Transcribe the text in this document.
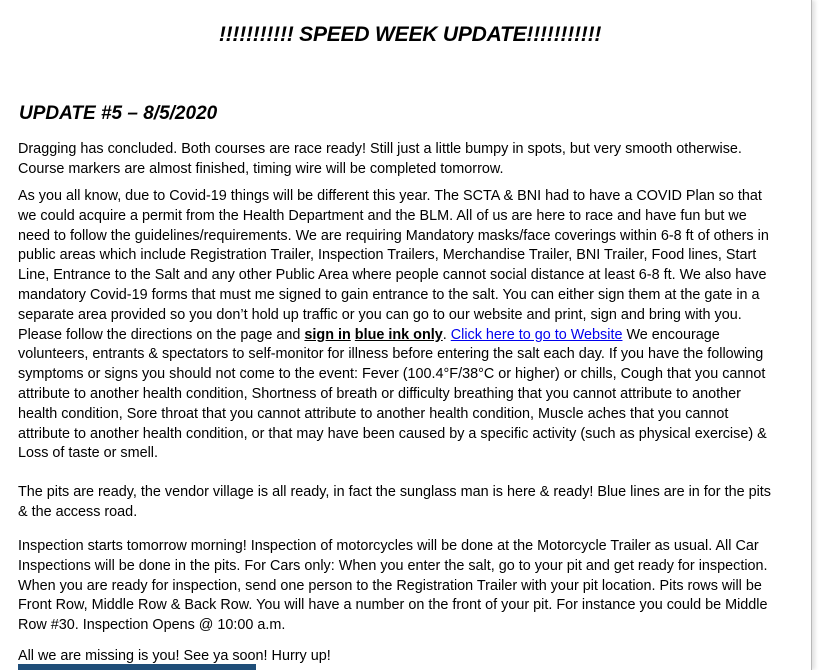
!!!!!!!!!!! SPEED WEEK UPDATE!!!!!!!!!!!
UPDATE #5 – 8/5/2020
Dragging has concluded. Both courses are race ready! Still just a little bumpy in spots, but very smooth otherwise.
Course markers are almost finished, timing wire will be completed tomorrow.
As you all know, due to Covid-19 things will be different this year. The SCTA & BNI had to have a COVID Plan so that
we could acquire a permit from the Health Department and the BLM. All of us are here to race and have fun but we
need to follow the guidelines/requirements. We are requiring Mandatory masks/face coverings within 6-8 ft of others in
public areas which include Registration Trailer, Inspection Trailers, Merchandise Trailer, BNI Trailer, Food lines, Start
Line, Entrance to the Salt and any other Public Area where people cannot social distance at least 6-8 ft. We also have
mandatory Covid-19 forms that must me signed to gain entrance to the salt. You can either sign them at the gate in a
separate area provided so you don’t hold up traffic or you can go to our website and print, sign and bring with you.
Please follow the directions on the page and sign in blue ink only. Click here to go to Website We encourage
volunteers, entrants & spectators to self-monitor for illness before entering the salt each day. If you have the following
symptoms or signs you should not come to the event: Fever (100.4°F/38°C or higher) or chills, Cough that you cannot
attribute to another health condition, Shortness of breath or difficulty breathing that you cannot attribute to another
health condition, Sore throat that you cannot attribute to another health condition, Muscle aches that you cannot
attribute to another health condition, or that may have been caused by a specific activity (such as physical exercise) &
Loss of taste or smell.
The pits are ready, the vendor village is all ready, in fact the sunglass man is here & ready! Blue lines are in for the pits
& the access road.
Inspection starts tomorrow morning! Inspection of motorcycles will be done at the Motorcycle Trailer as usual. All Car
Inspections will be done in the pits. For Cars only: When you enter the salt, go to your pit and get ready for inspection.
When you are ready for inspection, send one person to the Registration Trailer with your pit location. Pits rows will be
Front Row, Middle Row & Back Row. You will have a number on the front of your pit. For instance you could be Middle
Row #30. Inspection Opens @ 10:00 a.m.
All we are missing is you! See ya soon! Hurry up!
